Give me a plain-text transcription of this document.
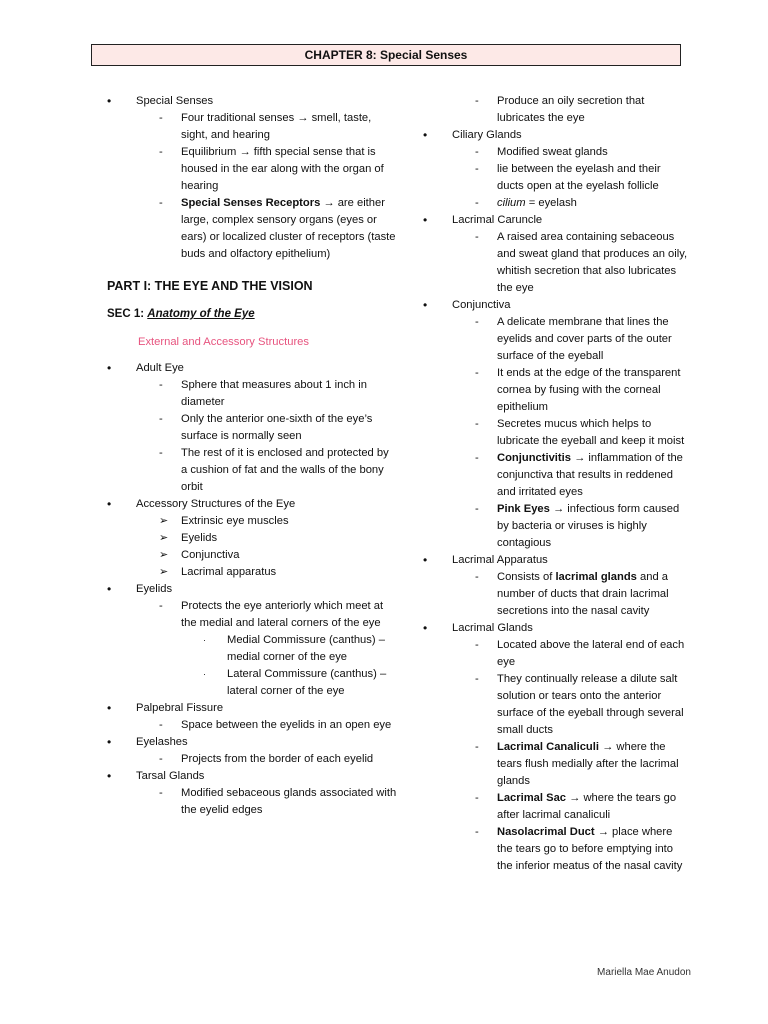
CHAPTER 8: Special Senses
• Special Senses
- Four traditional senses → smell, taste, sight, and hearing
- Equilibrium → fifth special sense that is housed in the ear along with the organ of hearing
- Special Senses Receptors → are either large, complex sensory organs (eyes or ears) or localized cluster of receptors (taste buds and olfactory epithelium)
PART I: THE EYE AND THE VISION
SEC 1: Anatomy of the Eye
External and Accessory Structures
• Adult Eye
- Sphere that measures about 1 inch in diameter
- Only the anterior one-sixth of the eye’s surface is normally seen
- The rest of it is enclosed and protected by a cushion of fat and the walls of the bony orbit
• Accessory Structures of the Eye
➢ Extrinsic eye muscles
➢ Eyelids
➢ Conjunctiva
➢ Lacrimal apparatus
• Eyelids
- Protects the eye anteriorly which meet at the medial and lateral corners of the eye
· Medial Commissure (canthus) – medial corner of the eye
· Lateral Commissure (canthus) – lateral corner of the eye
• Palpebral Fissure
- Space between the eyelids in an open eye
• Eyelashes
- Projects from the border of each eyelid
• Tarsal Glands
- Modified sebaceous glands associated with the eyelid edges
- Produce an oily secretion that lubricates the eye
• Ciliary Glands
- Modified sweat glands
- lie between the eyelash and their ducts open at the eyelash follicle
- cilium = eyelash
• Lacrimal Caruncle
- A raised area containing sebaceous and sweat gland that produces an oily, whitish secretion that also lubricates the eye
• Conjunctiva
- A delicate membrane that lines the eyelids and cover parts of the outer surface of the eyeball
- It ends at the edge of the transparent cornea by fusing with the corneal epithelium
- Secretes mucus which helps to lubricate the eyeball and keep it moist
- Conjunctivitis → inflammation of the conjunctiva that results in reddened and irritated eyes
- Pink Eyes → infectious form caused by bacteria or viruses is highly contagious
• Lacrimal Apparatus
- Consists of lacrimal glands and a number of ducts that drain lacrimal secretions into the nasal cavity
• Lacrimal Glands
- Located above the lateral end of each eye
- They continually release a dilute salt solution or tears onto the anterior surface of the eyeball through several small ducts
- Lacrimal Canaliculi → where the tears flush medially after the lacrimal glands
- Lacrimal Sac → where the tears go after lacrimal canaliculi
- Nasolacrimal Duct → place where the tears go to before emptying into the inferior meatus of the nasal cavity
Mariella Mae Anudon
